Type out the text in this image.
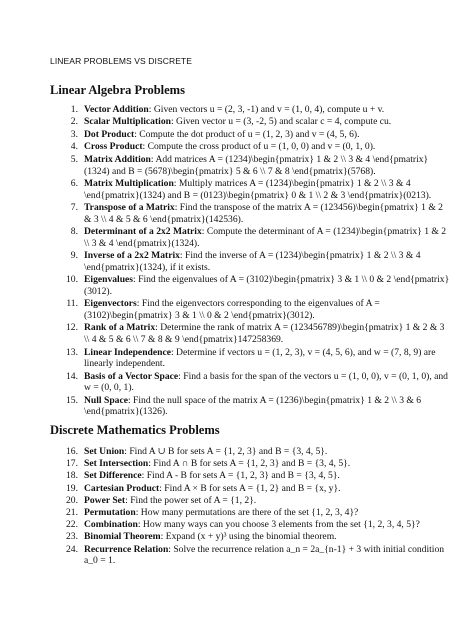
LINEAR PROBLEMS VS DISCRETE
Linear Algebra Problems
1. Vector Addition: Given vectors u = (2, 3, -1) and v = (1, 0, 4), compute u + v.
2. Scalar Multiplication: Given vector u = (3, -2, 5) and scalar c = 4, compute cu.
3. Dot Product: Compute the dot product of u = (1, 2, 3) and v = (4, 5, 6).
4. Cross Product: Compute the cross product of u = (1, 0, 0) and v = (0, 1, 0).
5. Matrix Addition: Add matrices A = (1234)\begin{pmatrix} 1 & 2 \\ 3 & 4 \end{pmatrix}(1324) and B = (5678)\begin{pmatrix} 5 & 6 \\ 7 & 8 \end{pmatrix}(5768).
6. Matrix Multiplication: Multiply matrices A = (1234)\begin{pmatrix} 1 & 2 \\ 3 & 4 \end{pmatrix}(1324) and B = (0123)\begin{pmatrix} 0 & 1 \\ 2 & 3 \end{pmatrix}(0213).
7. Transpose of a Matrix: Find the transpose of the matrix A = (123456)\begin{pmatrix} 1 & 2 & 3 \\ 4 & 5 & 6 \end{pmatrix}(142536).
8. Determinant of a 2x2 Matrix: Compute the determinant of A = (1234)\begin{pmatrix} 1 & 2 \\ 3 & 4 \end{pmatrix}(1324).
9. Inverse of a 2x2 Matrix: Find the inverse of A = (1234)\begin{pmatrix} 1 & 2 \\ 3 & 4 \end{pmatrix}(1324), if it exists.
10. Eigenvalues: Find the eigenvalues of A = (3102)\begin{pmatrix} 3 & 1 \\ 0 & 2 \end{pmatrix}(3012).
11. Eigenvectors: Find the eigenvectors corresponding to the eigenvalues of A = (3102)\begin{pmatrix} 3 & 1 \\ 0 & 2 \end{pmatrix}(3012).
12. Rank of a Matrix: Determine the rank of matrix A = (123456789)\begin{pmatrix} 1 & 2 & 3 \\ 4 & 5 & 6 \\ 7 & 8 & 9 \end{pmatrix}147258369.
13. Linear Independence: Determine if vectors u = (1, 2, 3), v = (4, 5, 6), and w = (7, 8, 9) are linearly independent.
14. Basis of a Vector Space: Find a basis for the span of the vectors u = (1, 0, 0), v = (0, 1, 0), and w = (0, 0, 1).
15. Null Space: Find the null space of the matrix A = (1236)\begin{pmatrix} 1 & 2 \\ 3 & 6 \end{pmatrix}(1326).
Discrete Mathematics Problems
16. Set Union: Find A ∪ B for sets A = {1, 2, 3} and B = {3, 4, 5}.
17. Set Intersection: Find A ∩ B for sets A = {1, 2, 3} and B = {3, 4, 5}.
18. Set Difference: Find A - B for sets A = {1, 2, 3} and B = {3, 4, 5}.
19. Cartesian Product: Find A × B for sets A = {1, 2} and B = {x, y}.
20. Power Set: Find the power set of A = {1, 2}.
21. Permutation: How many permutations are there of the set {1, 2, 3, 4}?
22. Combination: How many ways can you choose 3 elements from the set {1, 2, 3, 4, 5}?
23. Binomial Theorem: Expand (x + y)³ using the binomial theorem.
24. Recurrence Relation: Solve the recurrence relation a_n = 2a_{n-1} + 3 with initial condition a_0 = 1.
